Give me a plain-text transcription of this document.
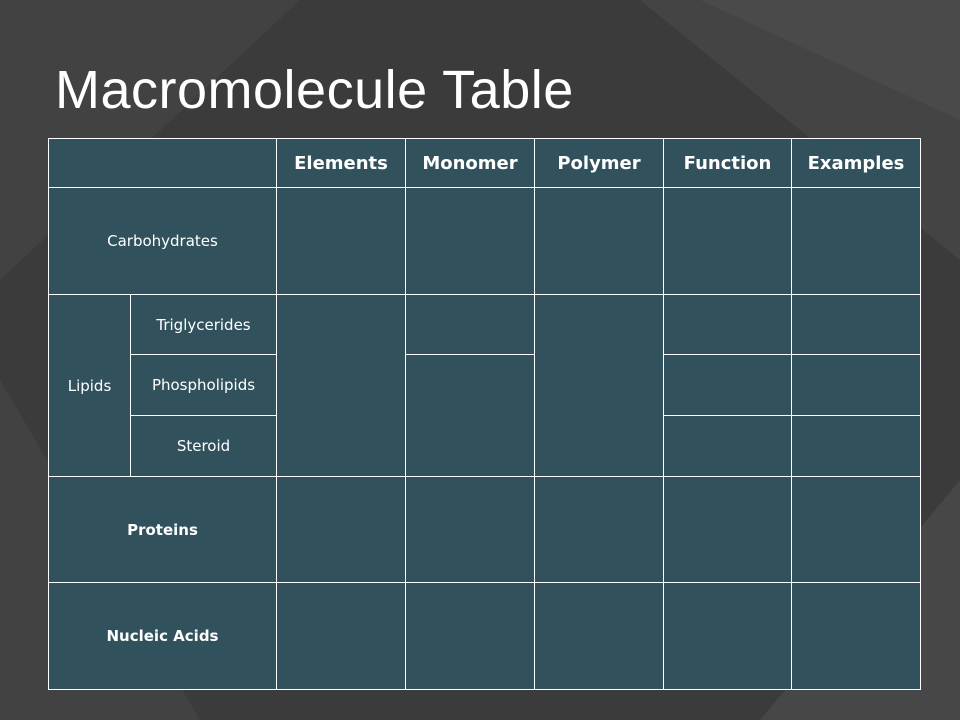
Macromolecule Table
		Elements	Monomer	Polymer	Function	Examples
Carbohydrates						
Lipids	Triglycerides					
	Phospholipids					
	Steroid					
Proteins						
Nucleic Acids						
